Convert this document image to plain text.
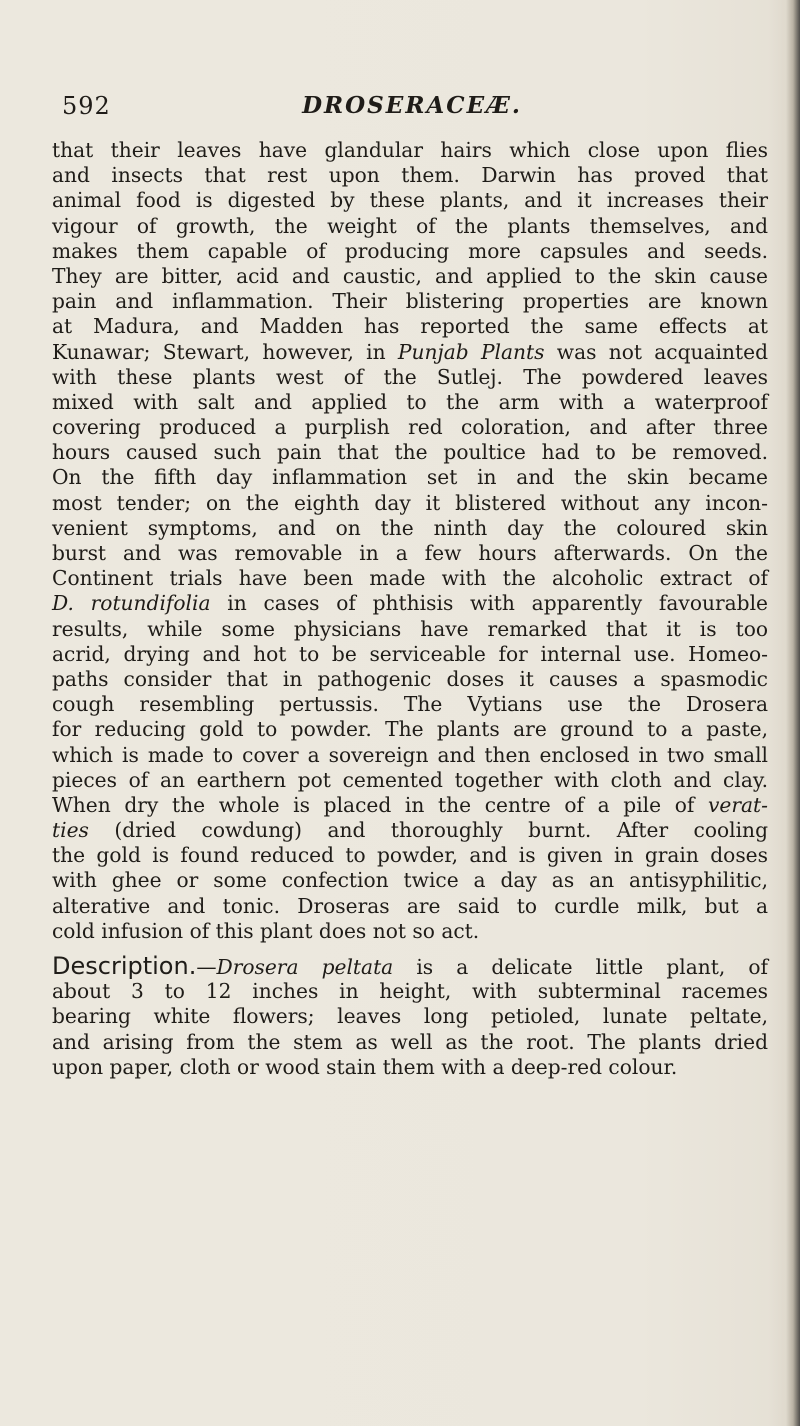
592	DROSERACEÆ.
that their leaves have glandular hairs which close upon flies
and insects that rest upon them. Darwin has proved that
animal food is digested by these plants, and it increases their
vigour of growth, the weight of the plants themselves, and
makes them capable of producing more capsules and seeds.
They are bitter, acid and caustic, and applied to the skin cause
pain and inflammation. Their blistering properties are known
at Madura, and Madden has reported the same effects at
Kunawar; Stewart, however, in Punjab Plants was not acquainted
with these plants west of the Sutlej. The powdered leaves
mixed with salt and applied to the arm with a waterproof
covering produced a purplish red coloration, and after three
hours caused such pain that the poultice had to be removed.
On the fifth day inflammation set in and the skin became
most tender; on the eighth day it blistered without any incon-
venient symptoms, and on the ninth day the coloured skin
burst and was removable in a few hours afterwards. On the
Continent trials have been made with the alcoholic extract of
D. rotundifolia in cases of phthisis with apparently favourable
results, while some physicians have remarked that it is too
acrid, drying and hot to be serviceable for internal use. Homeo-
paths consider that in pathogenic doses it causes a spasmodic
cough resembling pertussis. The Vytians use the Drosera
for reducing gold to powder. The plants are ground to a paste,
which is made to cover a sovereign and then enclosed in two small
pieces of an earthern pot cemented together with cloth and clay.
When dry the whole is placed in the centre of a pile of verat-
ties (dried cowdung) and thoroughly burnt. After cooling
the gold is found reduced to powder, and is given in grain doses
with ghee or some confection twice a day as an antisyphilitic,
alterative and tonic. Droseras are said to curdle milk, but a
cold infusion of this plant does not so act.
Description.—Drosera peltata is a delicate little plant, of
about 3 to 12 inches in height, with subterminal racemes
bearing white flowers; leaves long petioled, lunate peltate,
and arising from the stem as well as the root. The plants dried
upon paper, cloth or wood stain them with a deep-red colour.
